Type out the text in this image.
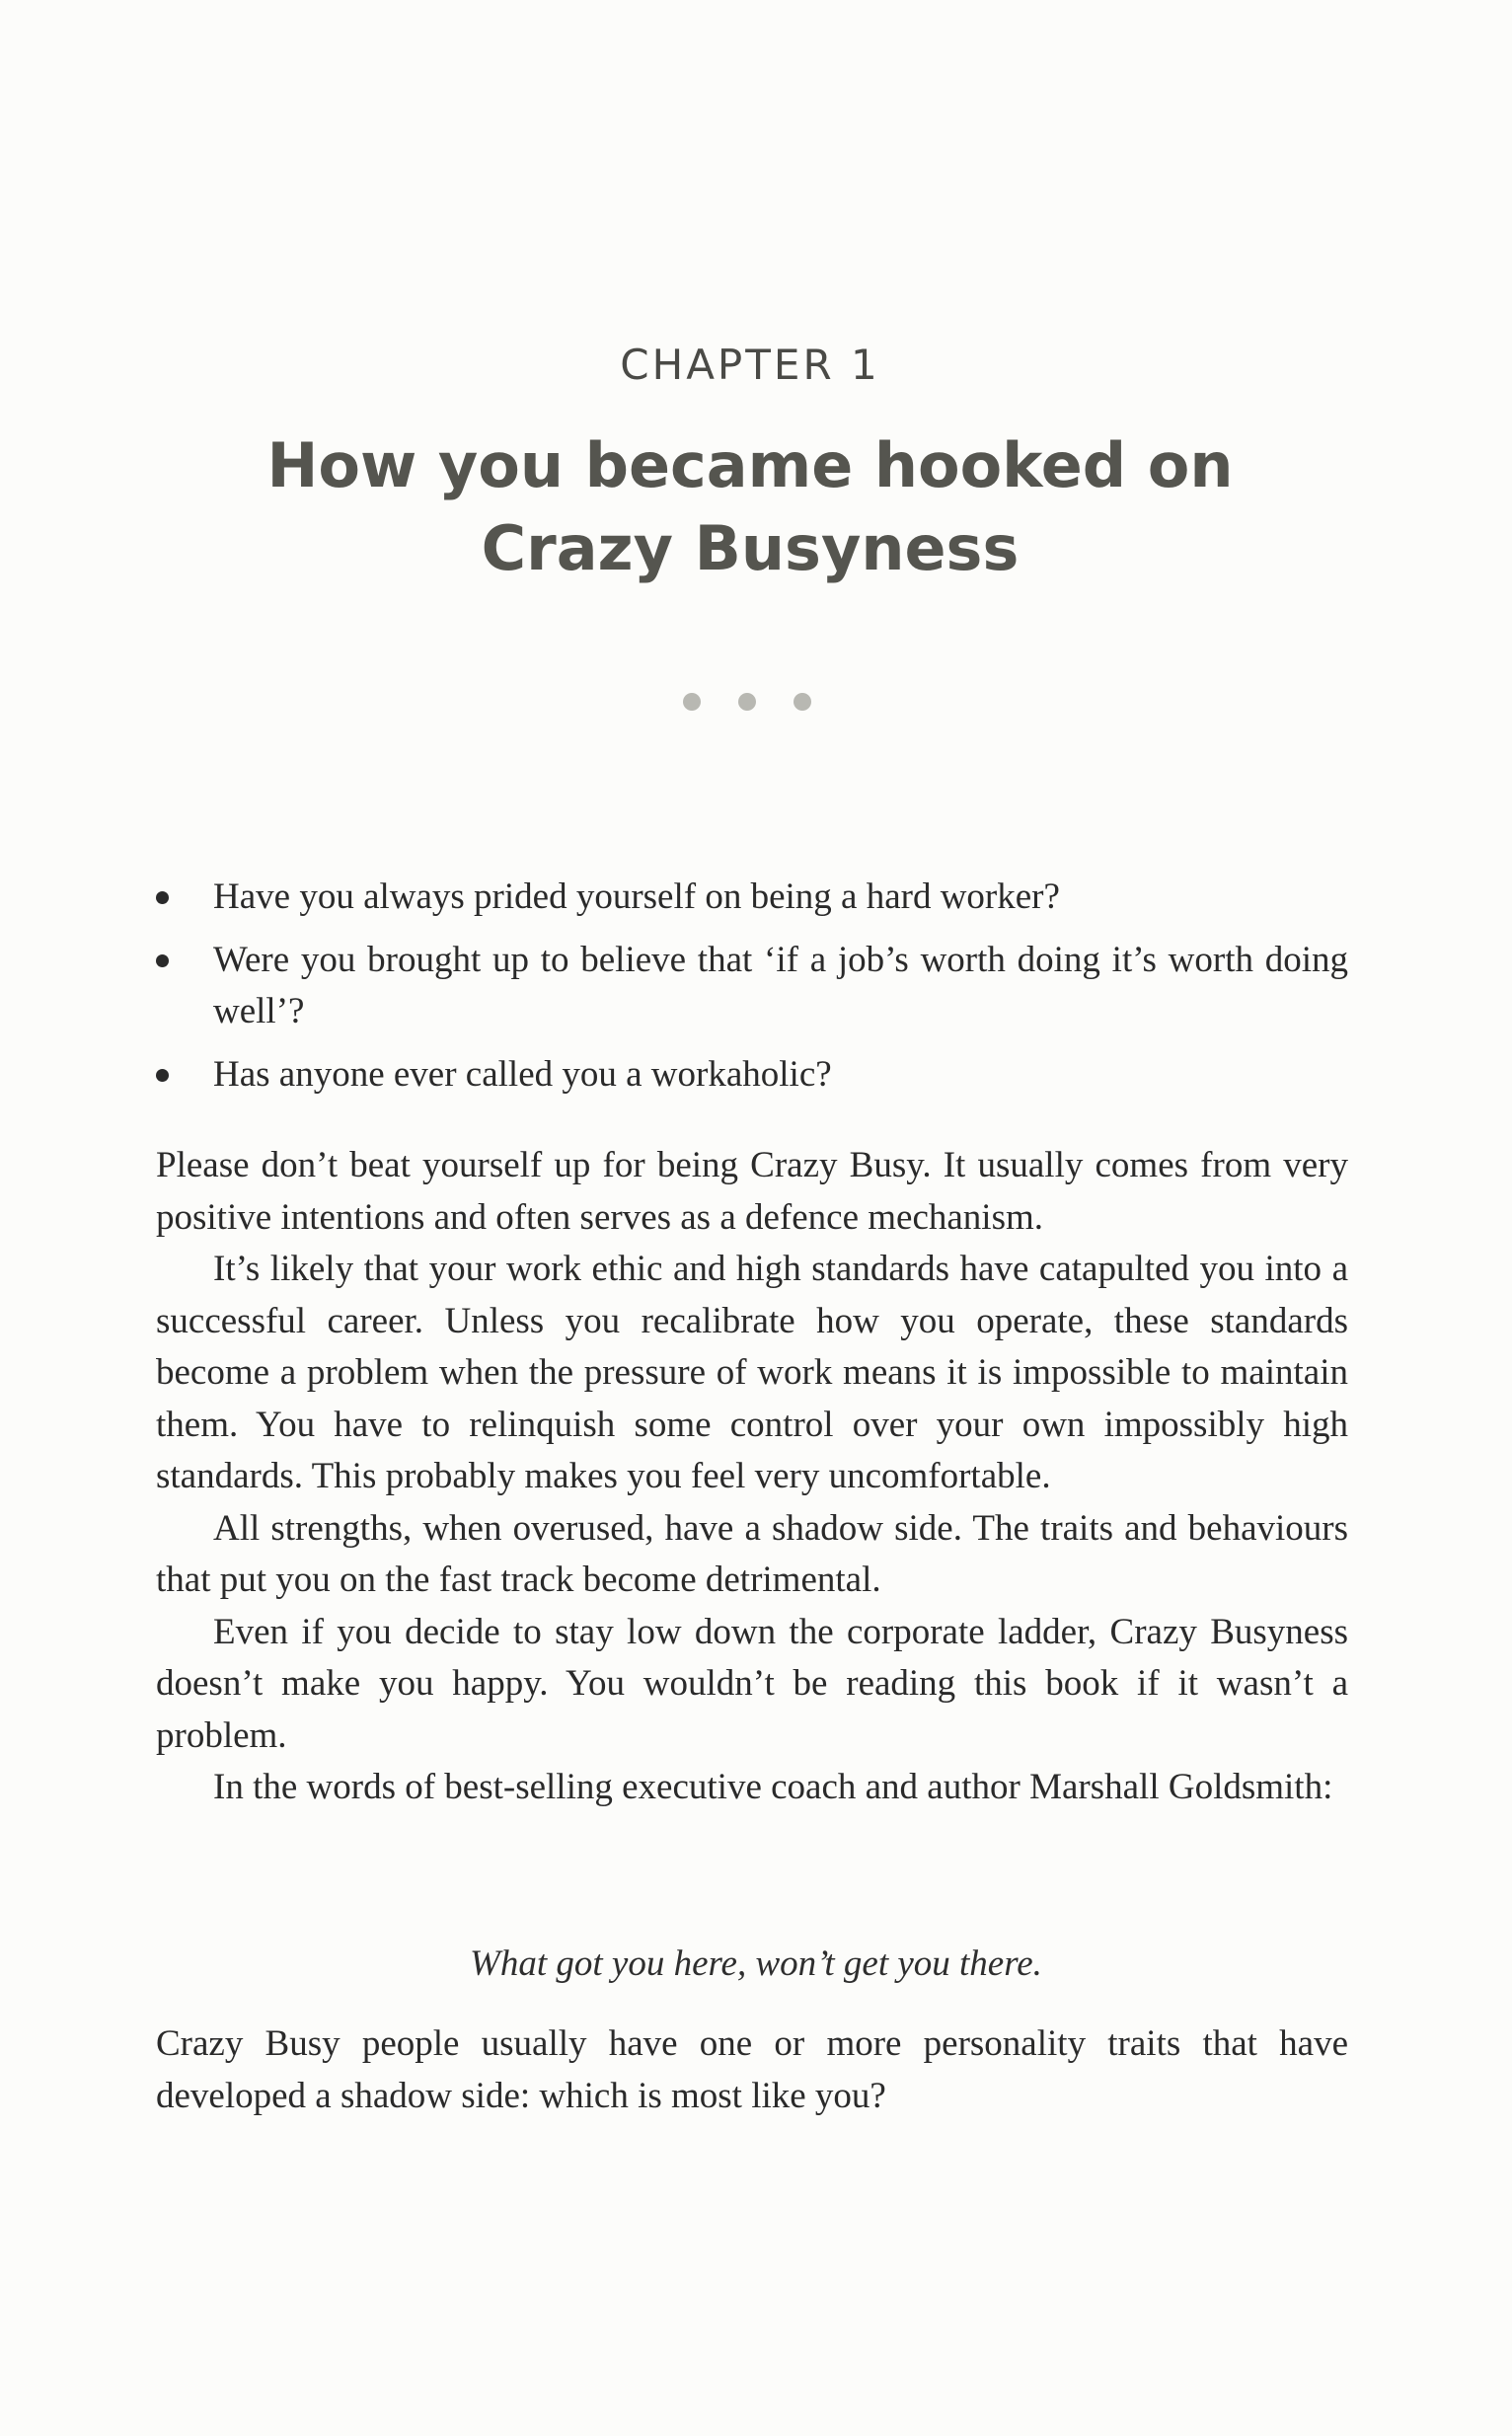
CHAPTER 1
How you became hooked on
Crazy Busyness
Have you always prided yourself on being a hard worker?
Were you brought up to believe that ‘if a job’s worth doing it’s worth doing well’?
Has anyone ever called you a workaholic?

Please don’t beat yourself up for being Crazy Busy. It usually comes from very positive intentions and often serves as a defence mechanism.

It’s likely that your work ethic and high standards have catapulted you into a successful career. Unless you recalibrate how you operate, these standards become a problem when the pressure of work means it is impossible to maintain them. You have to relinquish some control over your own impossibly high standards. This probably makes you feel very uncomfortable.

All strengths, when overused, have a shadow side. The traits and behaviours that put you on the fast track become detrimental.

Even if you decide to stay low down the corporate ladder, Crazy Busyness doesn’t make you happy. You wouldn’t be reading this book if it wasn’t a problem.

In the words of best-selling executive coach and author Marshall Goldsmith:

What got you here, won’t get you there.

Crazy Busy people usually have one or more personality traits that have developed a shadow side: which is most like you?
